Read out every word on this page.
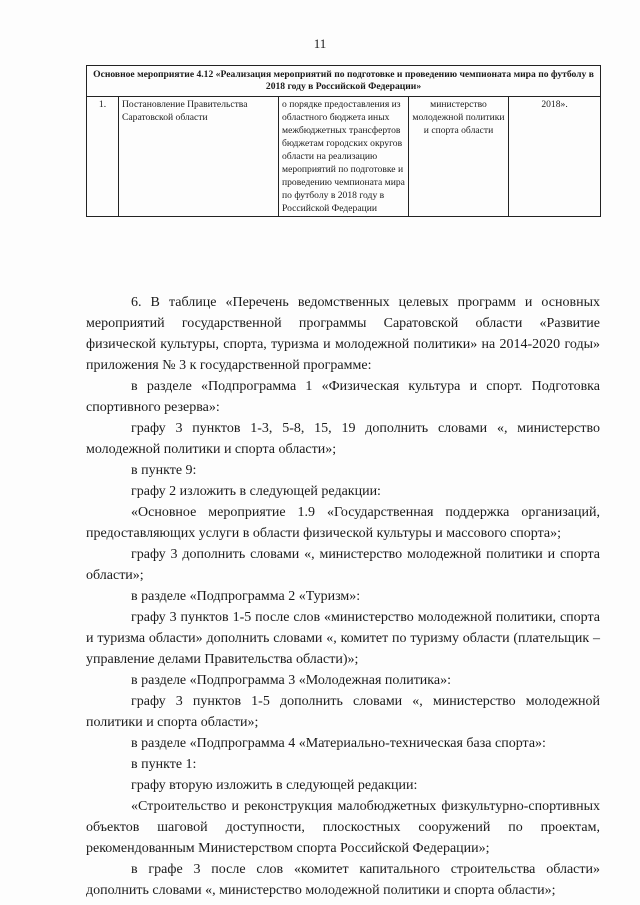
11
Основное мероприятие 4.12 «Реализация мероприятий по подготовке и проведению чемпионата мира по футболу в 2018 году в Российской Федерации»
1.	Постановление Правительства Саратовской области	о порядке предоставления из областного бюджета иных межбюджетных трансфертов бюджетам городских округов области на реализацию мероприятий по подготовке и проведению чемпионата мира по футболу в 2018 году в Российской Федерации	министерство молодежной политики и спорта области	2018».

6. В таблице «Перечень ведомственных целевых программ и основных мероприятий государственной программы Саратовской области «Развитие физической культуры, спорта, туризма и молодежной политики» на 2014-2020 годы» приложения № 3 к государственной программе:

в разделе «Подпрограмма 1 «Физическая культура и спорт. Подготовка спортивного резерва»:

графу 3 пунктов 1-3, 5-8, 15, 19 дополнить словами «, министерство молодежной политики и спорта области»;

в пункте 9:

графу 2 изложить в следующей редакции:

«Основное мероприятие 1.9 «Государственная поддержка организаций, предоставляющих услуги в области физической культуры и массового спорта»;

графу 3 дополнить словами «, министерство молодежной политики и спорта области»;

в разделе «Подпрограмма 2 «Туризм»:

графу 3 пунктов 1-5 после слов «министерство молодежной политики, спорта и туризма области» дополнить словами «, комитет по туризму области (плательщик – управление делами Правительства области)»;

в разделе «Подпрограмма 3 «Молодежная политика»:

графу 3 пунктов 1-5 дополнить словами «, министерство молодежной политики и спорта области»;

в разделе «Подпрограмма 4 «Материально-техническая база спорта»:

в пункте 1:

графу вторую изложить в следующей редакции:

«Строительство и реконструкция малобюджетных физкультурно-спортивных объектов шаговой доступности, плоскостных сооружений по проектам, рекомендованным Министерством спорта Российской Федерации»;

в графе 3 после слов «комитет капитального строительства области» дополнить словами «, министерство молодежной политики и спорта области»;
